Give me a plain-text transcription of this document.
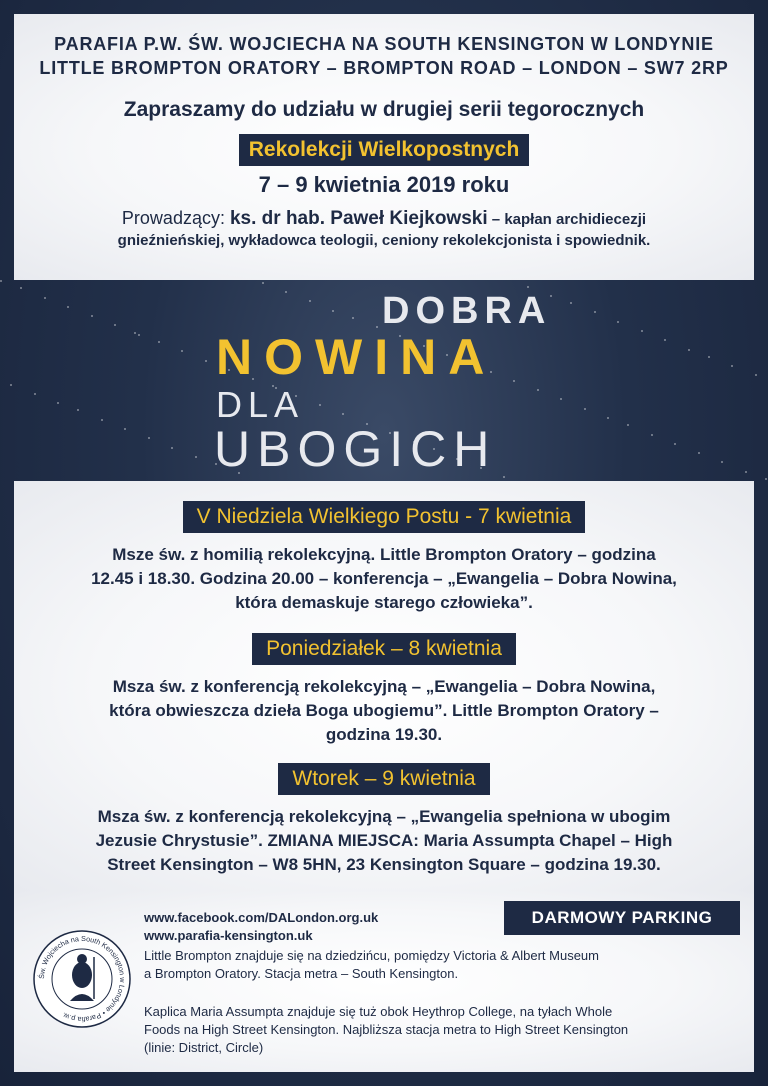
PARAFIA P.W. ŚW. WOJCIECHA NA SOUTH KENSINGTON W LONDYNIE
LITTLE BROMPTON ORATORY – BROMPTON ROAD – LONDON – SW7 2RP
Zapraszamy do udziału w drugiej serii tegorocznych
Rekolekcji Wielkopostnych
7 – 9 kwietnia 2019 roku
Prowadzący: ks. dr hab. Paweł Kiejkowski – kapłan archidiecezji
gnieźnieńskiej, wykładowca teologii, ceniony rekolekcjonista i spowiednik.
DOBRA
NOWINA
DLA
UBOGICH
V Niedziela Wielkiego Postu - 7 kwietnia
Msze św. z homilią rekolekcyjną. Little Brompton Oratory – godzina
12.45 i 18.30. Godzina 20.00 – konferencja – „Ewangelia – Dobra Nowina,
która demaskuje starego człowieka”.
Poniedziałek – 8 kwietnia
Msza św. z konferencją rekolekcyjną – „Ewangelia – Dobra Nowina,
która obwieszcza dzieła Boga ubogiemu”. Little Brompton Oratory –
godzina 19.30.
Wtorek – 9 kwietnia
Msza św. z konferencją rekolekcyjną – „Ewangelia spełniona w ubogim
Jezusie Chrystusie”. ZMIANA MIEJSCA: Maria Assumpta Chapel – High
Street Kensington – W8 5HN, 23 Kensington Square – godzina 19.30.
Św. Wojciecha na South Kensington w Londynie • Parafia p.w.
www.facebook.com/DALondon.org.uk
www.parafia-kensington.uk
Little Brompton znajduje się na dziedzińcu, pomiędzy Victoria & Albert Museum
a Brompton Oratory. Stacja metra – South Kensington.
Kaplica Maria Assumpta znajduje się tuż obok Heythrop College, na tyłach Whole
Foods na High Street Kensington. Najbliższa stacja metra to High Street Kensington
(linie: District, Circle)
DARMOWY PARKING
